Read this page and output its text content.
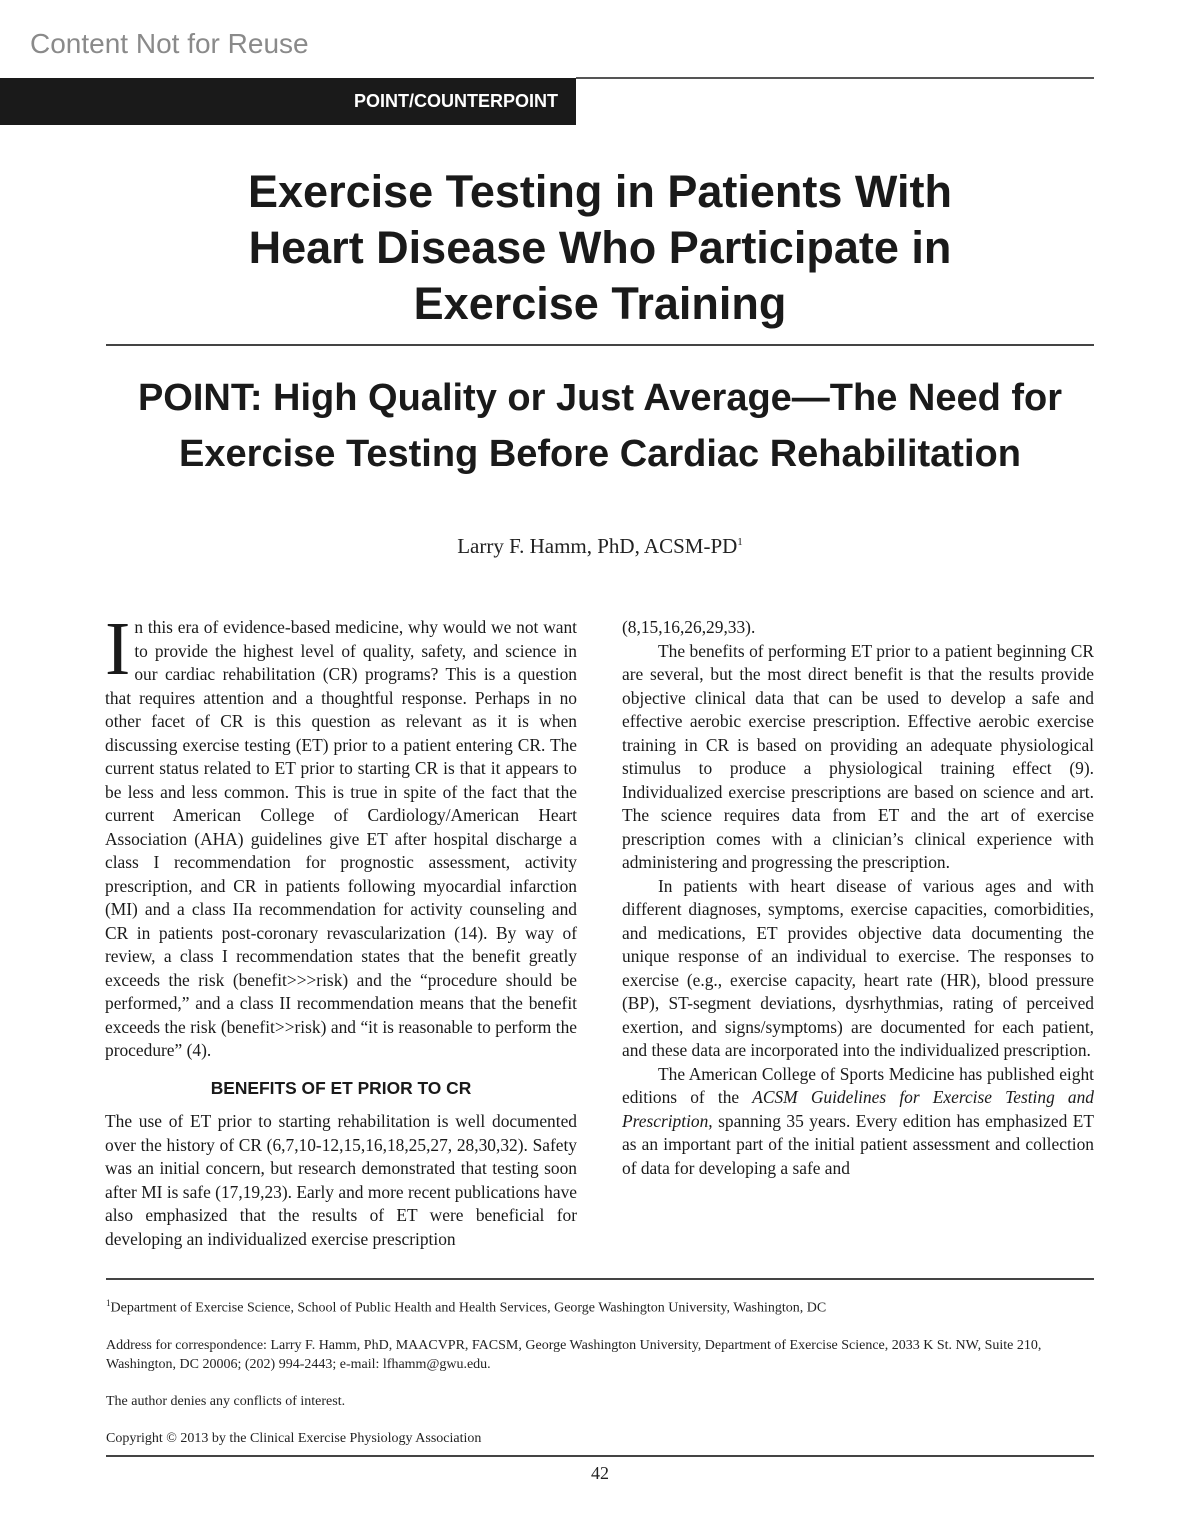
Content Not for Reuse
POINT/COUNTERPOINT
Exercise Testing in Patients With
Heart Disease Who Participate in
Exercise Training
POINT: High Quality or Just Average—The Need for
Exercise Testing Before Cardiac Rehabilitation
Larry F. Hamm, PhD, ACSM-$PD^1$

In this era of evidence-based medicine, why would we not want to provide the highest level of quality, safety, and science in our cardiac rehabilitation (CR) programs? This is a question that requires attention and a thoughtful response. Perhaps in no other facet of CR is this question as relevant as it is when discussing exercise testing (ET) prior to a patient entering CR. The current status related to ET prior to starting CR is that it appears to be less and less common. This is true in spite of the fact that the current American College of Cardiology/American Heart Association (AHA) guidelines give ET after hospital discharge a class I recommendation for prognostic assessment, activity prescription, and CR in patients following myocardial infarction (MI) and a class IIa recommendation for activity counseling and CR in patients post-coronary revascularization (14). By way of review, a class I recommendation states that the benefit greatly exceeds the risk (benefit>>>risk) and the “procedure should be performed,” and a class II recommendation means that the benefit exceeds the risk (benefit>>risk) and “it is reasonable to perform the procedure” (4).

BENEFITS OF ET PRIOR TO CR

The use of ET prior to starting rehabilitation is well documented over the history of CR (6,7,10-12,15,16,18,25,27, 28,30,32). Safety was an initial concern, but research demonstrated that testing soon after MI is safe (17,19,23). Early and more recent publications have also emphasized that the results of ET were beneficial for developing an individualized exercise prescription

(8,15,16,26,29,33).

The benefits of performing ET prior to a patient beginning CR are several, but the most direct benefit is that the results provide objective clinical data that can be used to develop a safe and effective aerobic exercise prescription. Effective aerobic exercise training in CR is based on providing an adequate physiological stimulus to produce a physiological training effect (9). Individualized exercise prescriptions are based on science and art. The science requires data from ET and the art of exercise prescription comes with a clinician’s clinical experience with administering and progressing the prescription.

In patients with heart disease of various ages and with different diagnoses, symptoms, exercise capacities, comorbidities, and medications, ET provides objective data documenting the unique response of an individual to exercise. The responses to exercise (e.g., exercise capacity, heart rate (HR), blood pressure (BP), ST-segment deviations, dysrhythmias, rating of perceived exertion, and signs/symptoms) are documented for each patient, and these data are incorporated into the individualized prescription.

The American College of Sports Medicine has published eight editions of the ACSM Guidelines for Exercise Testing and Prescription, spanning 35 years. Every edition has emphasized ET as an important part of the initial patient assessment and collection of data for developing a safe and

$^1$Department of Exercise Science, School of Public Health and Health Services, George Washington University, Washington, DC

Address for correspondence: Larry F. Hamm, PhD, MAACVPR, FACSM, George Washington University, Department of Exercise Science, 2033 K St. NW, Suite 210, Washington, DC 20006; (202) 994-2443; e-mail: lfhamm@gwu.edu.

The author denies any conflicts of interest.

Copyright © 2013 by the Clinical Exercise Physiology Association

42
